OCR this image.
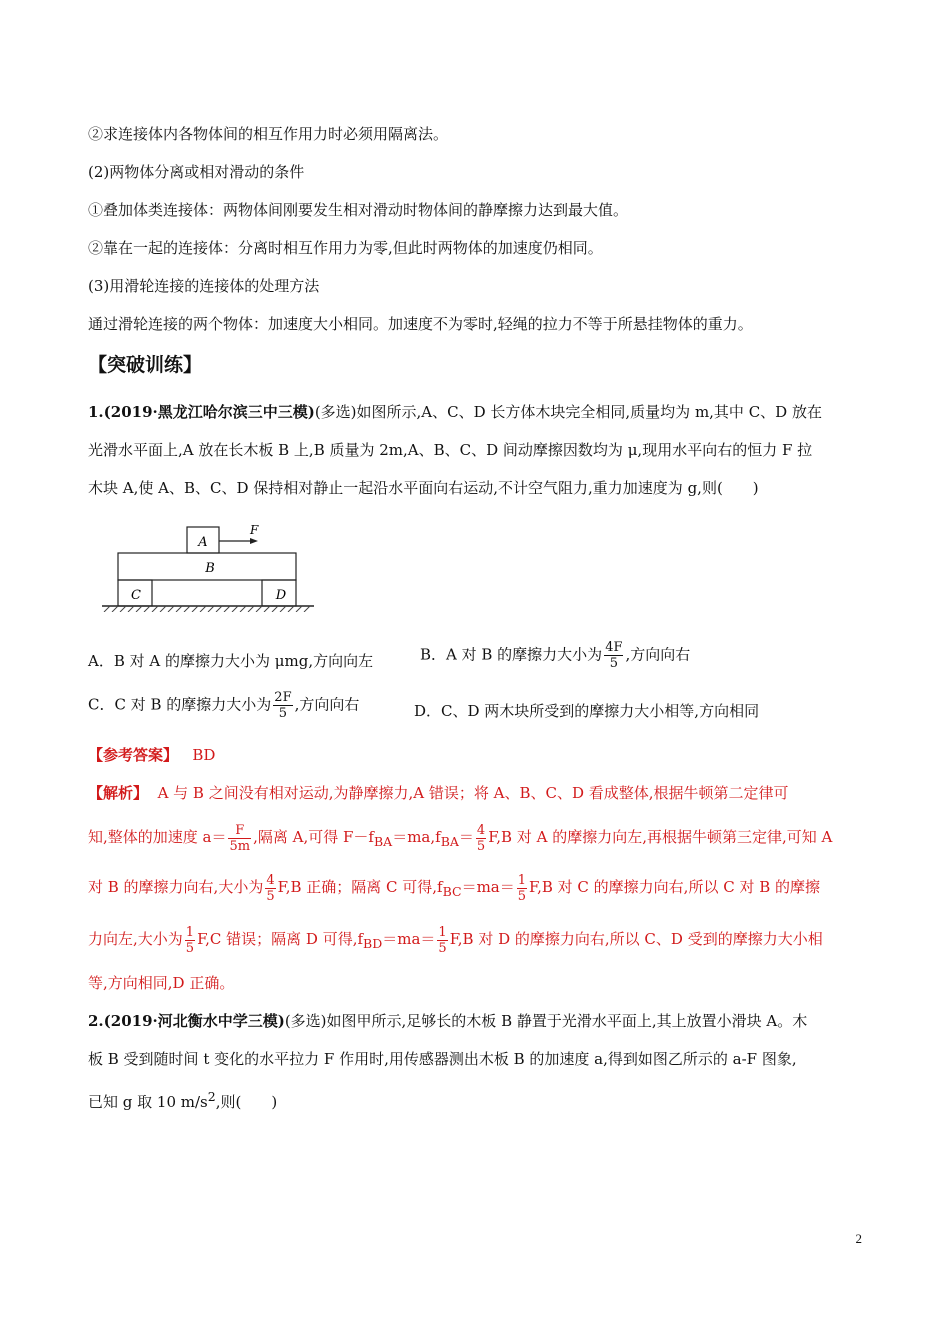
②求连接体内各物体间的相互作用力时必须用隔离法。
(2)两物体分离或相对滑动的条件
①叠加体类连接体：两物体间刚要发生相对滑动时物体间的静摩擦力达到最大值。
②靠在一起的连接体：分离时相互作用力为零,但此时两物体的加速度仍相同。
(3)用滑轮连接的连接体的处理方法
通过滑轮连接的两个物体：加速度大小相同。加速度不为零时,轻绳的拉力不等于所悬挂物体的重力。
【突破训练】
1.(2019·黑龙江哈尔滨三中三模)(多选)如图所示,A、C、D 长方体木块完全相同,质量均为 m,其中 C、D 放在
光滑水平面上,A 放在长木板 B 上,B 质量为 2m,A、B、C、D 间动摩擦因数均为 μ,现用水平向右的恒力 F 拉
木块 A,使 A、B、C、D 保持相对静止一起沿水平面向右运动,不计空气阻力,重力加速度为 g,则(　　)
A
F
B
C	D
A．B 对 A 的摩擦力大小为 μmg,方向向左	B．A 对 B 的摩擦力大小为 $\frac{4F}{5}$ ,方向向右
C．C 对 B 的摩擦力大小为 $\frac{2F}{5}$ ,方向向右	D．C、D 两木块所受到的摩擦力大小相等,方向相同
【参考答案】 BD
【解析】 A 与 B 之间没有相对运动,为静摩擦力,A 错误；将 A、B、C、D 看成整体,根据牛顿第二定律可
知,整体的加速度 $a= \frac{F}{5m}$ ,隔离 A,可得 $F-f_{BA}=ma,f_{BA}= \frac{4}{5} F,B$ 对 A 的摩擦力向左,再根据牛顿第三定律,可知 A
对 B 的摩擦力向右,大小为 $\frac{4}{5} F,B$ 正确；隔离 C 可得$,f_{BC}=ma= \frac{1}{5} F,B$ 对 C 的摩擦力向右,所以 C 对 B 的摩擦
力向左,大小为 $\frac{1}{5} F,C$ 错误；隔离 D 可得$,f_{BD}=ma= \frac{1}{5} F,B$ 对 D 的摩擦力向右,所以 C、D 受到的摩擦力大小相
等,方向相同,D 正确。
2.(2019·河北衡水中学三模)(多选)如图甲所示,足够长的木板 B 静置于光滑水平面上,其上放置小滑块 A。木
板 B 受到随时间 t 变化的水平拉力 F 作用时,用传感器测出木板 B 的加速度 a,得到如图乙所示的 a-F 图象,
已知 g 取 10 $m/s^2$,则(　　)
2
